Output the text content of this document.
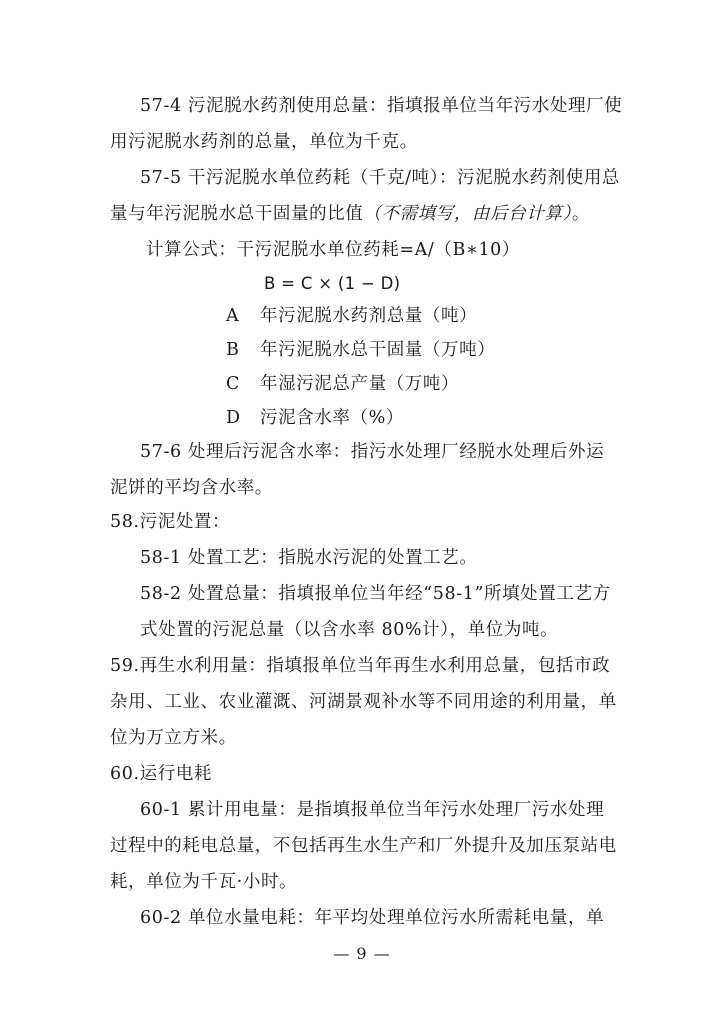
57-4 污泥脱水药剂使用总量：指填报单位当年污水处理厂使

用污泥脱水药剂的总量，单位为千克。

57-5 干污泥脱水单位药耗（千克/吨）：污泥脱水药剂使用总

量与年污泥脱水总干固量的比值（不需填写，由后台计算）。

计算公式：干污泥脱水单位药耗=A/（B∗10）

B = C × (1 − D)

A 年污泥脱水药剂总量（吨）

B 年污泥脱水总干固量（万吨）

C 年湿污泥总产量（万吨）

D 污泥含水率（%）

57-6 处理后污泥含水率：指污水处理厂经脱水处理后外运

泥饼的平均含水率。

58.污泥处置：

58-1 处置工艺：指脱水污泥的处置工艺。

58-2 处置总量：指填报单位当年经“58-1”所填处置工艺方

式处置的污泥总量（以含水率 80%计），单位为吨。

59.再生水利用量：指填报单位当年再生水利用总量，包括市政

杂用、工业、农业灌溉、河湖景观补水等不同用途的利用量，单

位为万立方米。

60.运行电耗

60-1 累计用电量：是指填报单位当年污水处理厂污水处理

过程中的耗电总量，不包括再生水生产和厂外提升及加压泵站电

耗，单位为千瓦·小时。

60-2 单位水量电耗：年平均处理单位污水所需耗电量，单

— 9 —
